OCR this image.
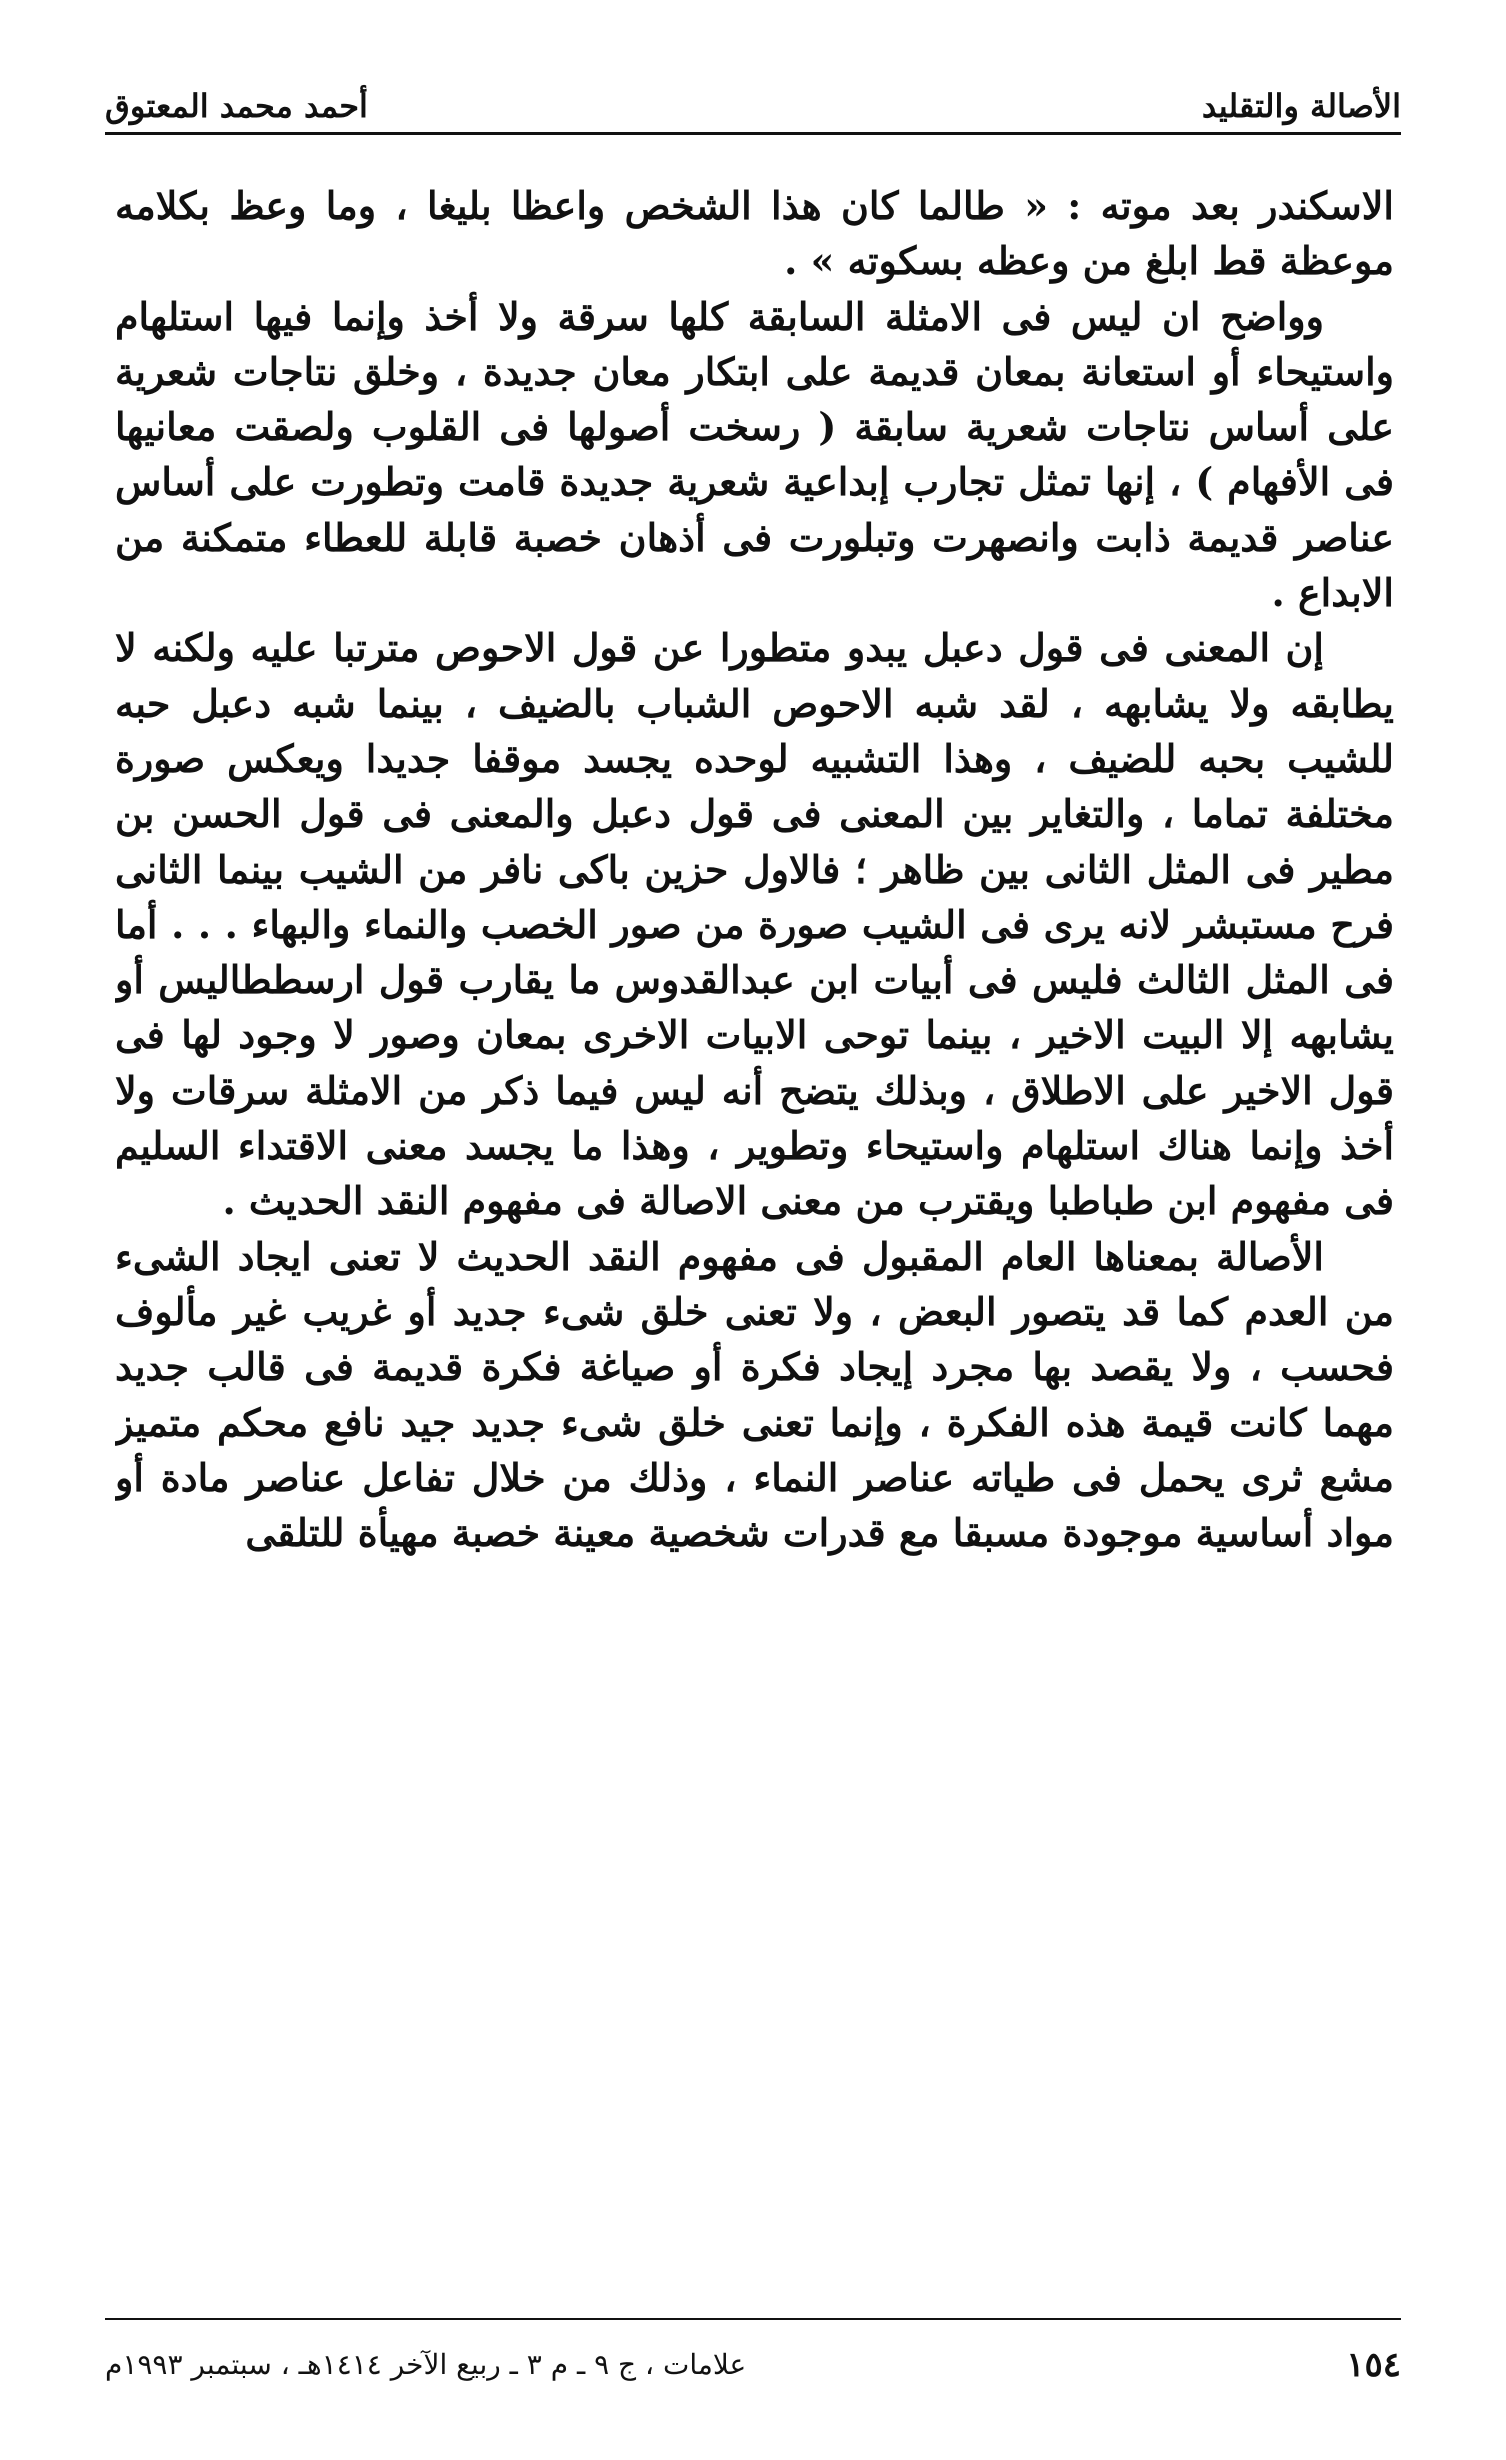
الأصالة والتقليد
أحمد محمد المعتوق

الاسكندر بعد موته : « طالما كان هذا الشخص واعظا بليغا ، وما وعظ بكلامه موعظة قط ابلغ من وعظه بسكوته » .

وواضح ان ليس فى الامثلة السابقة كلها سرقة ولا أخذ وإنما فيها استلهام واستيحاء أو استعانة بمعان قديمة على ابتكار معان جديدة ، وخلق نتاجات شعرية على أساس نتاجات شعرية سابقة ( رسخت أصولها فى القلوب ولصقت معانيها فى الأفهام ) ، إنها تمثل تجارب إبداعية شعرية جديدة قامت وتطورت على أساس عناصر قديمة ذابت وانصهرت وتبلورت فى أذهان خصبة قابلة للعطاء متمكنة من الابداع .

إن المعنى فى قول دعبل يبدو متطورا عن قول الاحوص مترتبا عليه ولكنه لا يطابقه ولا يشابهه ، لقد شبه الاحوص الشباب بالضيف ، بينما شبه دعبل حبه للشيب بحبه للضيف ، وهذا التشبيه لوحده يجسد موقفا جديدا ويعكس صورة مختلفة تماما ، والتغاير بين المعنى فى قول دعبل والمعنى فى قول الحسن بن مطير فى المثل الثانى بين ظاهر ؛ فالاول حزين باكى نافر من الشيب بينما الثانى فرح مستبشر لانه يرى فى الشيب صورة من صور الخصب والنماء والبهاء . . . أما فى المثل الثالث فليس فى أبيات ابن عبدالقدوس ما يقارب قول ارسططاليس أو يشابهه إلا البيت الاخير ، بينما توحى الابيات الاخرى بمعان وصور لا وجود لها فى قول الاخير على الاطلاق ، وبذلك يتضح أنه ليس فيما ذكر من الامثلة سرقات ولا أخذ وإنما هناك استلهام واستيحاء وتطوير ، وهذا ما يجسد معنى الاقتداء السليم فى مفهوم ابن طباطبا ويقترب من معنى الاصالة فى مفهوم النقد الحديث .

الأصالة بمعناها العام المقبول فى مفهوم النقد الحديث لا تعنى ايجاد الشىء من العدم كما قد يتصور البعض ، ولا تعنى خلق شىء جديد أو غريب غير مألوف فحسب ، ولا يقصد بها مجرد إيجاد فكرة أو صياغة فكرة قديمة فى قالب جديد مهما كانت قيمة هذه الفكرة ، وإنما تعنى خلق شىء جديد جيد نافع محكم متميز مشع ثرى يحمل فى طياته عناصر النماء ، وذلك من خلال تفاعل عناصر مادة أو مواد أساسية موجودة مسبقا مع قدرات شخصية معينة خصبة مهيأة للتلقى

١٥٤
علامات ، ج ٩ ـ م ٣ ـ ربيع الآخر ١٤١٤هـ ، سبتمبر ١٩٩٣م
